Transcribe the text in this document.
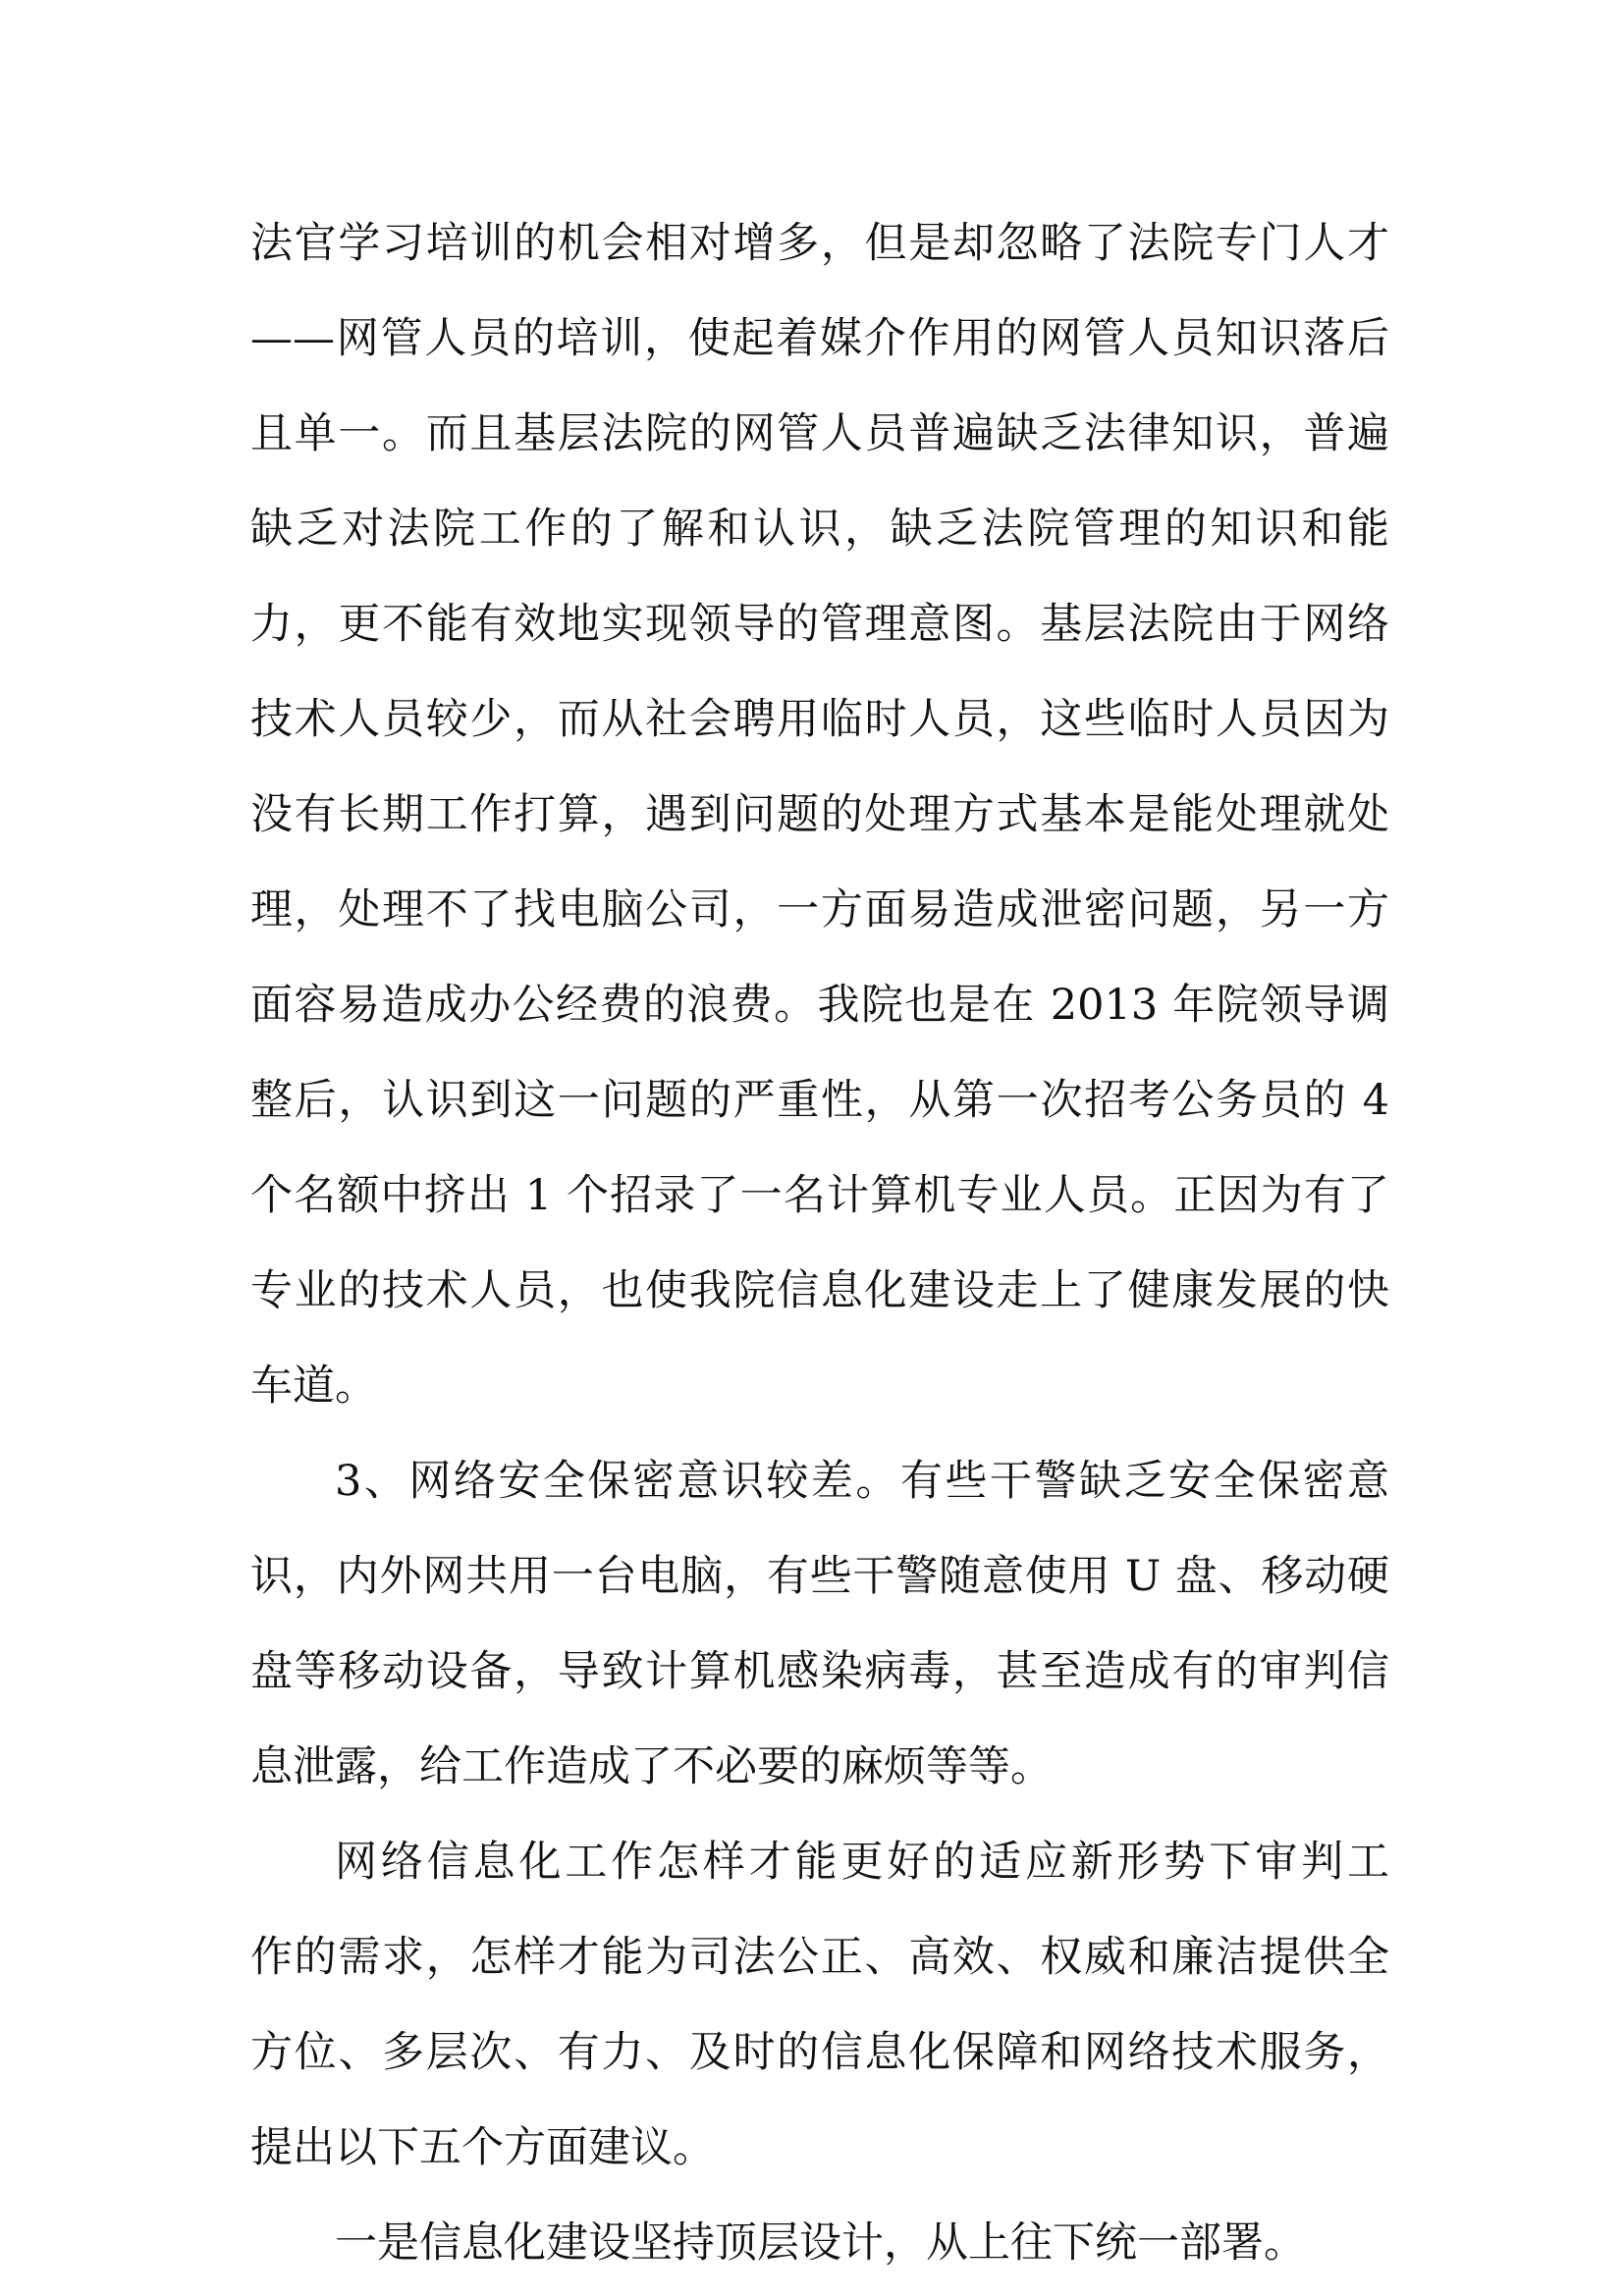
法官学习培训的机会相对增多，但是却忽略了法院专门人才
——网管人员的培训，使起着媒介作用的网管人员知识落后
且单一。而且基层法院的网管人员普遍缺乏法律知识，普遍
缺乏对法院工作的了解和认识，缺乏法院管理的知识和能
力，更不能有效地实现领导的管理意图。基层法院由于网络
技术人员较少，而从社会聘用临时人员，这些临时人员因为
没有长期工作打算，遇到问题的处理方式基本是能处理就处
理，处理不了找电脑公司，一方面易造成泄密问题，另一方
面容易造成办公经费的浪费。我院也是在 2013 年院领导调
整后，认识到这一问题的严重性，从第一次招考公务员的 4
个名额中挤出 1 个招录了一名计算机专业人员。正因为有了
专业的技术人员，也使我院信息化建设走上了健康发展的快
车道。
3、网络安全保密意识较差。有些干警缺乏安全保密意
识，内外网共用一台电脑，有些干警随意使用 U 盘、移动硬
盘等移动设备，导致计算机感染病毒，甚至造成有的审判信
息泄露，给工作造成了不必要的麻烦等等。
网络信息化工作怎样才能更好的适应新形势下审判工
作的需求，怎样才能为司法公正、高效、权威和廉洁提供全
方位、多层次、有力、及时的信息化保障和网络技术服务，
提出以下五个方面建议。
一是信息化建设坚持顶层设计，从上往下统一部署。
